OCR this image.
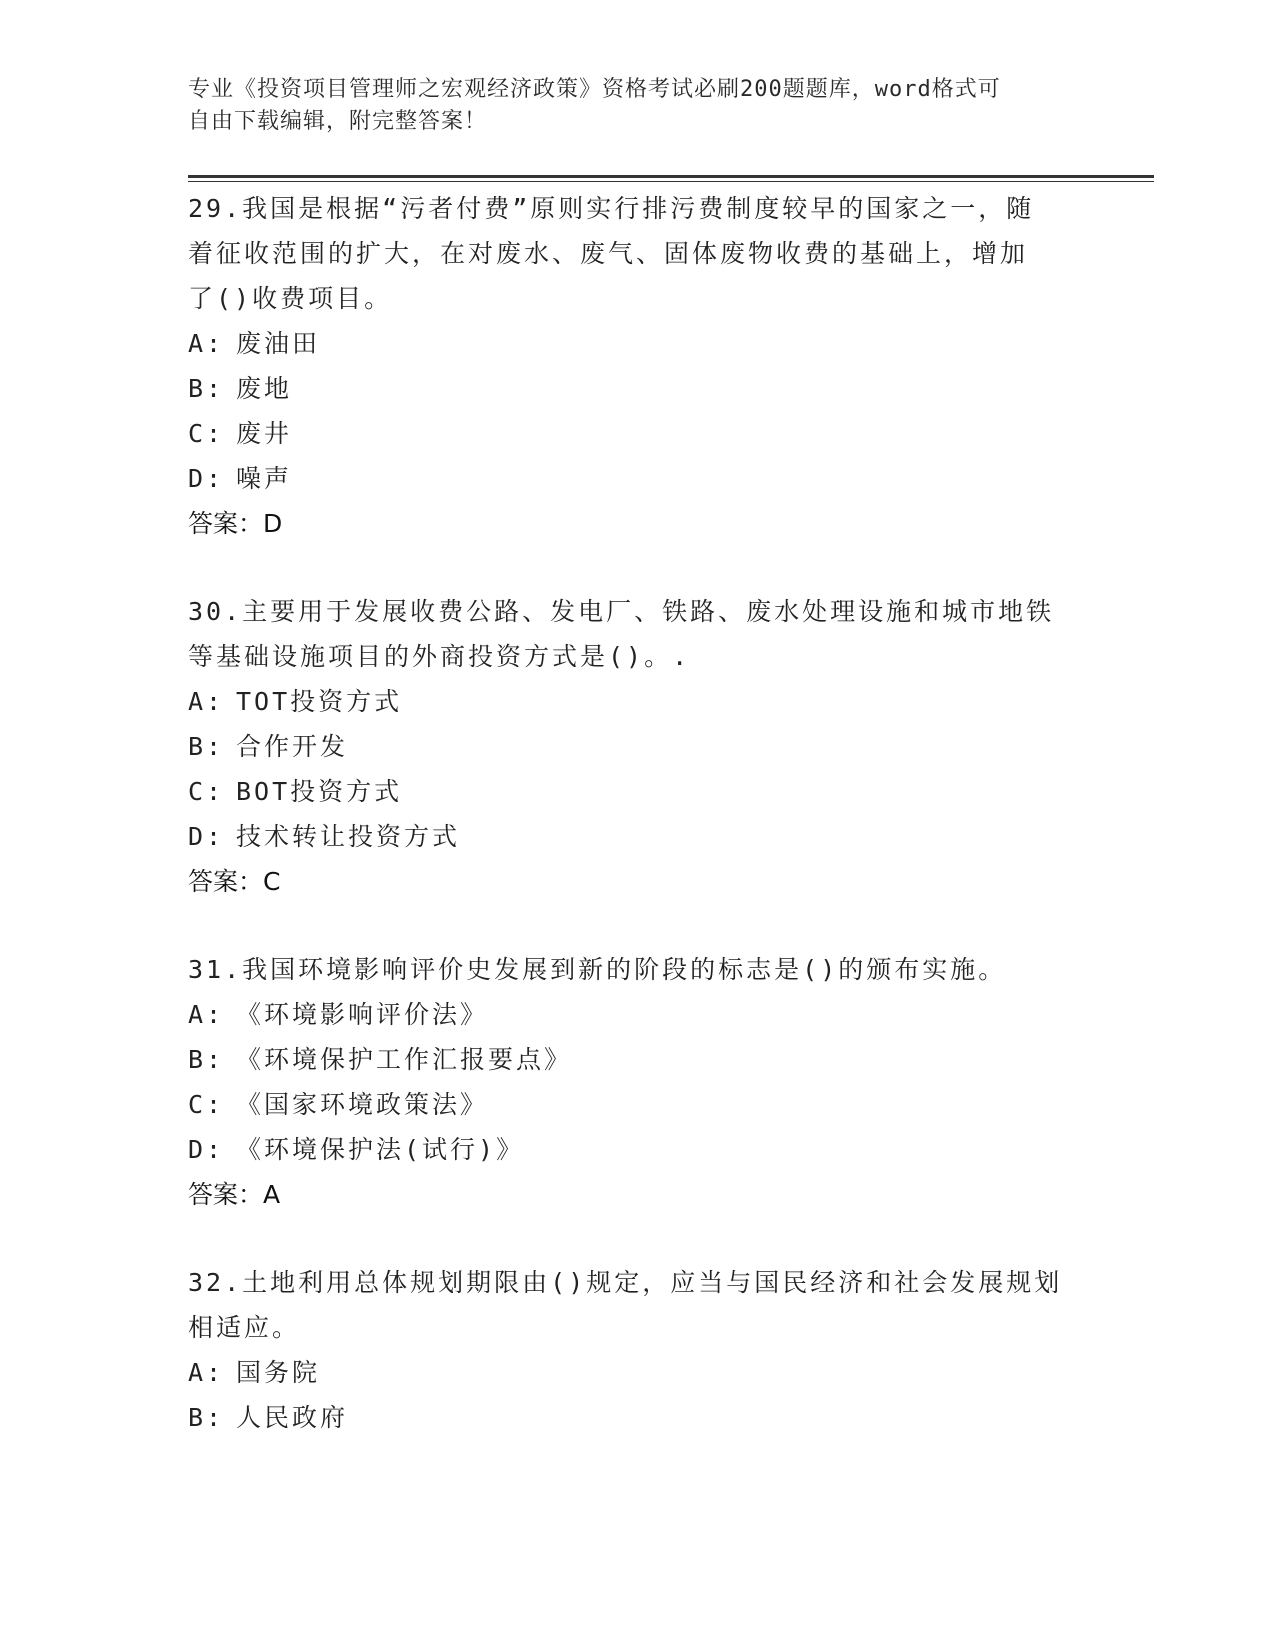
专业《投资项目管理师之宏观经济政策》资格考试必刷200题题库，word格式可
自由下载编辑，附完整答案！
29.我国是根据“污者付费”原则实行排污费制度较早的国家之一，随
着征收范围的扩大，在对废水、废气、固体废物收费的基础上，增加
了()收费项目。
A: 废油田
B: 废地
C: 废井
D: 噪声
答案：D
30.主要用于发展收费公路、发电厂、铁路、废水处理设施和城市地铁
等基础设施项目的外商投资方式是()。.
A: TOT投资方式
B: 合作开发
C: BOT投资方式
D: 技术转让投资方式
答案：C
31.我国环境影响评价史发展到新的阶段的标志是()的颁布实施。
A: 《环境影响评价法》
B: 《环境保护工作汇报要点》
C: 《国家环境政策法》
D: 《环境保护法(试行)》
答案：A
32.土地利用总体规划期限由()规定，应当与国民经济和社会发展规划
相适应。
A: 国务院
B: 人民政府
